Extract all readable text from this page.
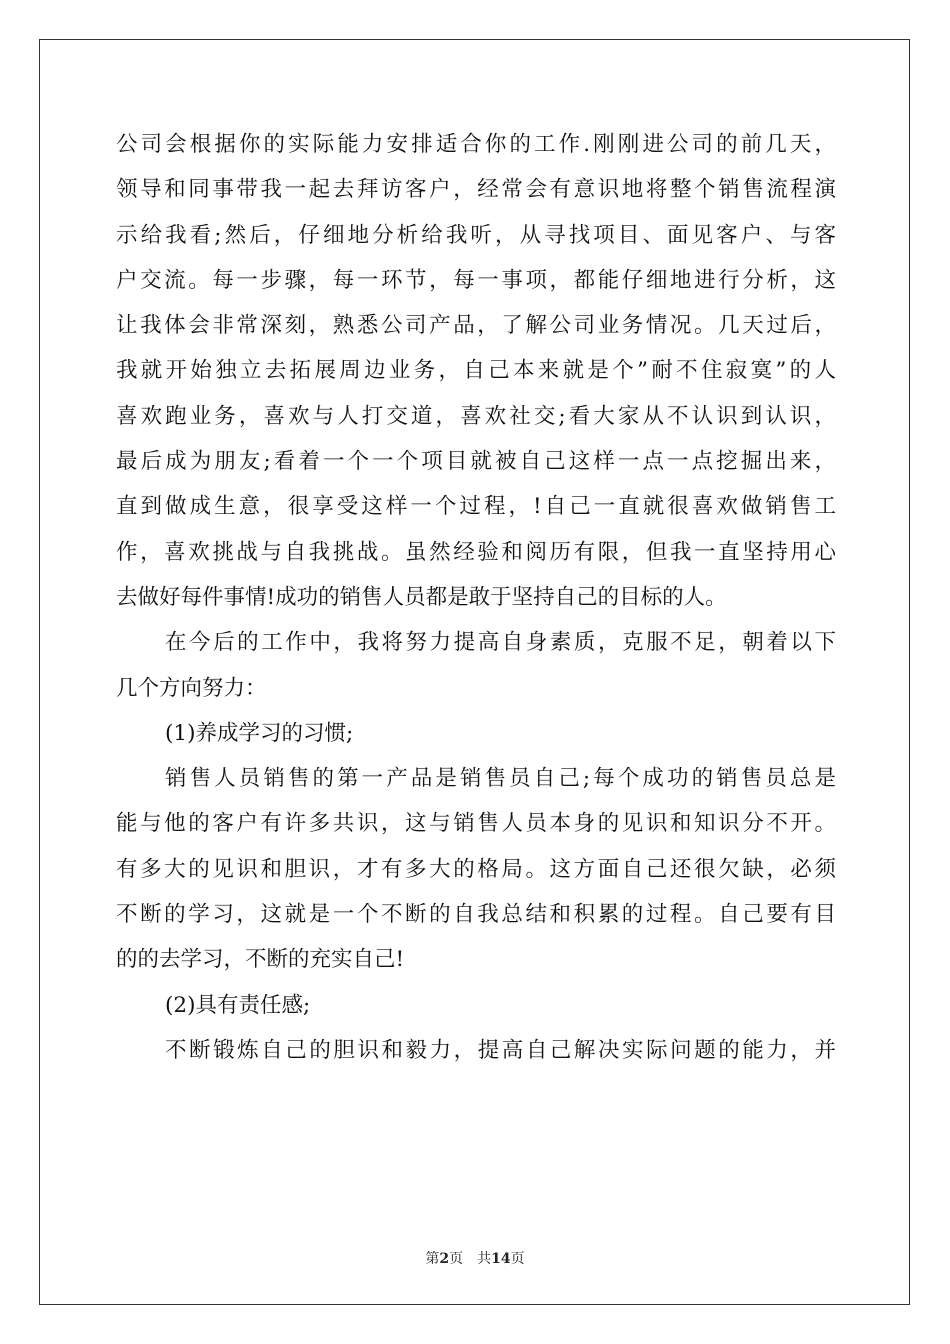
公司会根据你的实际能力安排适合你的工作.刚刚进公司的前几天，
领导和同事带我一起去拜访客户，经常会有意识地将整个销售流程演
示给我看;然后，仔细地分析给我听，从寻找项目、面见客户、与客
户交流。每一步骤，每一环节，每一事项，都能仔细地进行分析，这
让我体会非常深刻，熟悉公司产品，了解公司业务情况。几天过后，
我就开始独立去拓展周边业务，自己本来就是个”耐不住寂寞”的人
喜欢跑业务，喜欢与人打交道，喜欢社交;看大家从不认识到认识，
最后成为朋友;看着一个一个项目就被自己这样一点一点挖掘出来，
直到做成生意，很享受这样一个过程，!自己一直就很喜欢做销售工
作，喜欢挑战与自我挑战。虽然经验和阅历有限，但我一直坚持用心
去做好每件事情!成功的销售人员都是敢于坚持自己的目标的人。
在今后的工作中，我将努力提高自身素质，克服不足，朝着以下
几个方向努力：
(1)养成学习的习惯;
销售人员销售的第一产品是销售员自己;每个成功的销售员总是
能与他的客户有许多共识，这与销售人员本身的见识和知识分不开。
有多大的见识和胆识，才有多大的格局。这方面自己还很欠缺，必须
不断的学习，这就是一个不断的自我总结和积累的过程。自己要有目
的的去学习，不断的充实自己!
(2)具有责任感;
不断锻炼自己的胆识和毅力，提高自己解决实际问题的能力，并
第2页 共14页
